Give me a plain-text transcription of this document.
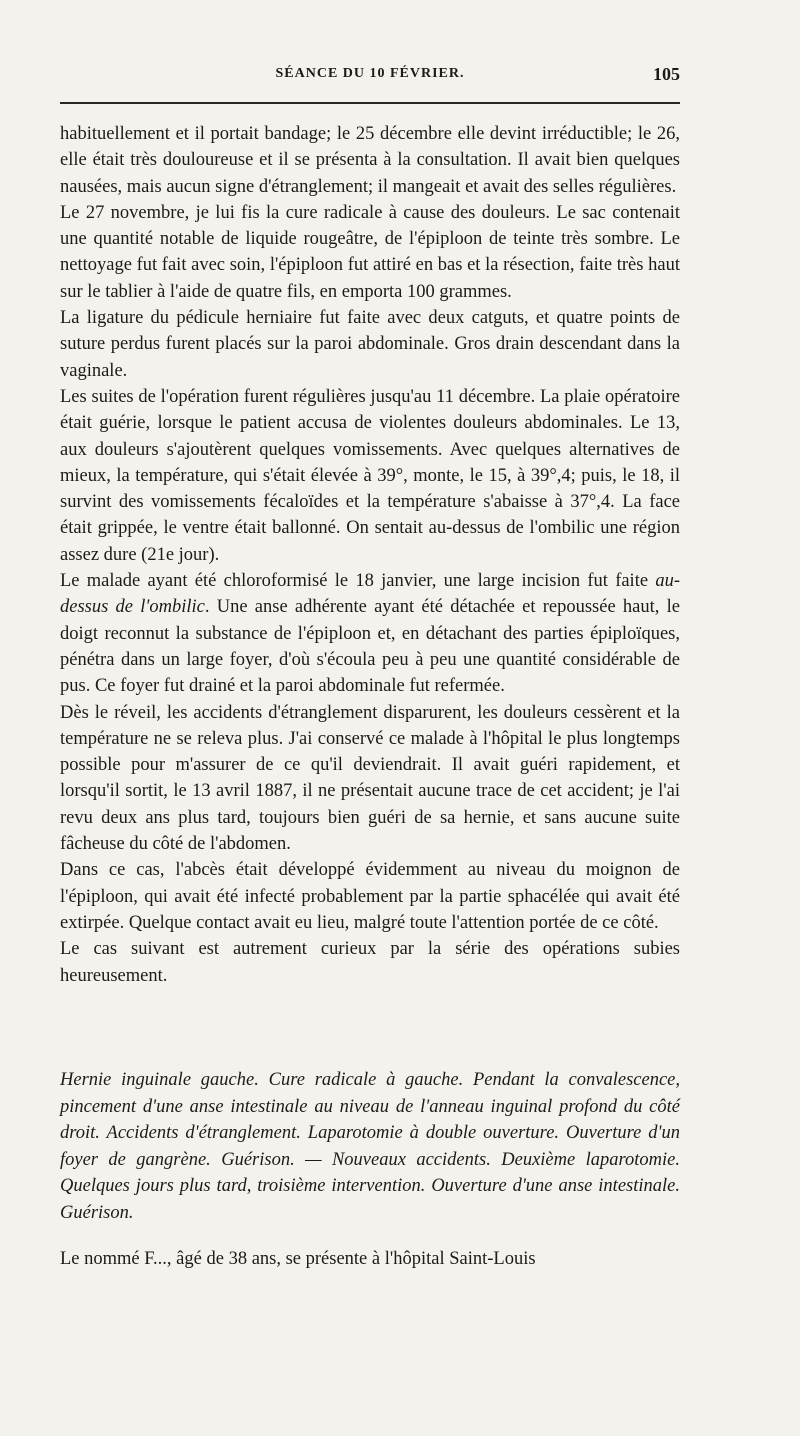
SÉANCE DU 10 FÉVRIER.	105

habituellement et il portait bandage; le 25 décembre elle devint irréductible; le 26, elle était très douloureuse et il se présenta à la consultation. Il avait bien quelques nausées, mais aucun signe d'étranglement; il mangeait et avait des selles régulières.

Le 27 novembre, je lui fis la cure radicale à cause des douleurs. Le sac contenait une quantité notable de liquide rougeâtre, de l'épiploon de teinte très sombre. Le nettoyage fut fait avec soin, l'épiploon fut attiré en bas et la résection, faite très haut sur le tablier à l'aide de quatre fils, en emporta 100 grammes.

La ligature du pédicule herniaire fut faite avec deux catguts, et quatre points de suture perdus furent placés sur la paroi abdominale. Gros drain descendant dans la vaginale.

Les suites de l'opération furent régulières jusqu'au 11 décembre. La plaie opératoire était guérie, lorsque le patient accusa de violentes douleurs abdominales. Le 13, aux douleurs s'ajoutèrent quelques vomissements. Avec quelques alternatives de mieux, la température, qui s'était élevée à 39°, monte, le 15, à 39°,4; puis, le 18, il survint des vomissements fécaloïdes et la température s'abaisse à 37°,4. La face était grippée, le ventre était ballonné. On sentait au-dessus de l'ombilic une région assez dure (21e jour).

Le malade ayant été chloroformisé le 18 janvier, une large incision fut faite au-dessus de l'ombilic. Une anse adhérente ayant été détachée et repoussée haut, le doigt reconnut la substance de l'épiploon et, en détachant des parties épiploïques, pénétra dans un large foyer, d'où s'écoula peu à peu une quantité considérable de pus. Ce foyer fut drainé et la paroi abdominale fut refermée.

Dès le réveil, les accidents d'étranglement disparurent, les douleurs cessèrent et la température ne se releva plus. J'ai conservé ce malade à l'hôpital le plus longtemps possible pour m'assurer de ce qu'il deviendrait. Il avait guéri rapidement, et lorsqu'il sortit, le 13 avril 1887, il ne présentait aucune trace de cet accident; je l'ai revu deux ans plus tard, toujours bien guéri de sa hernie, et sans aucune suite fâcheuse du côté de l'abdomen.

Dans ce cas, l'abcès était développé évidemment au niveau du moignon de l'épiploon, qui avait été infecté probablement par la partie sphacélée qui avait été extirpée. Quelque contact avait eu lieu, malgré toute l'attention portée de ce côté.

Le cas suivant est autrement curieux par la série des opérations subies heureusement.

Hernie inguinale gauche. Cure radicale à gauche. Pendant la convalescence, pincement d'une anse intestinale au niveau de l'anneau inguinal profond du côté droit. Accidents d'étranglement. Laparotomie à double ouverture. Ouverture d'un foyer de gangrène. Guérison. — Nouveaux accidents. Deuxième laparotomie. Quelques jours plus tard, troisième intervention. Ouverture d'une anse intestinale. Guérison.
Le nommé F..., âgé de 38 ans, se présente à l'hôpital Saint-Louis
